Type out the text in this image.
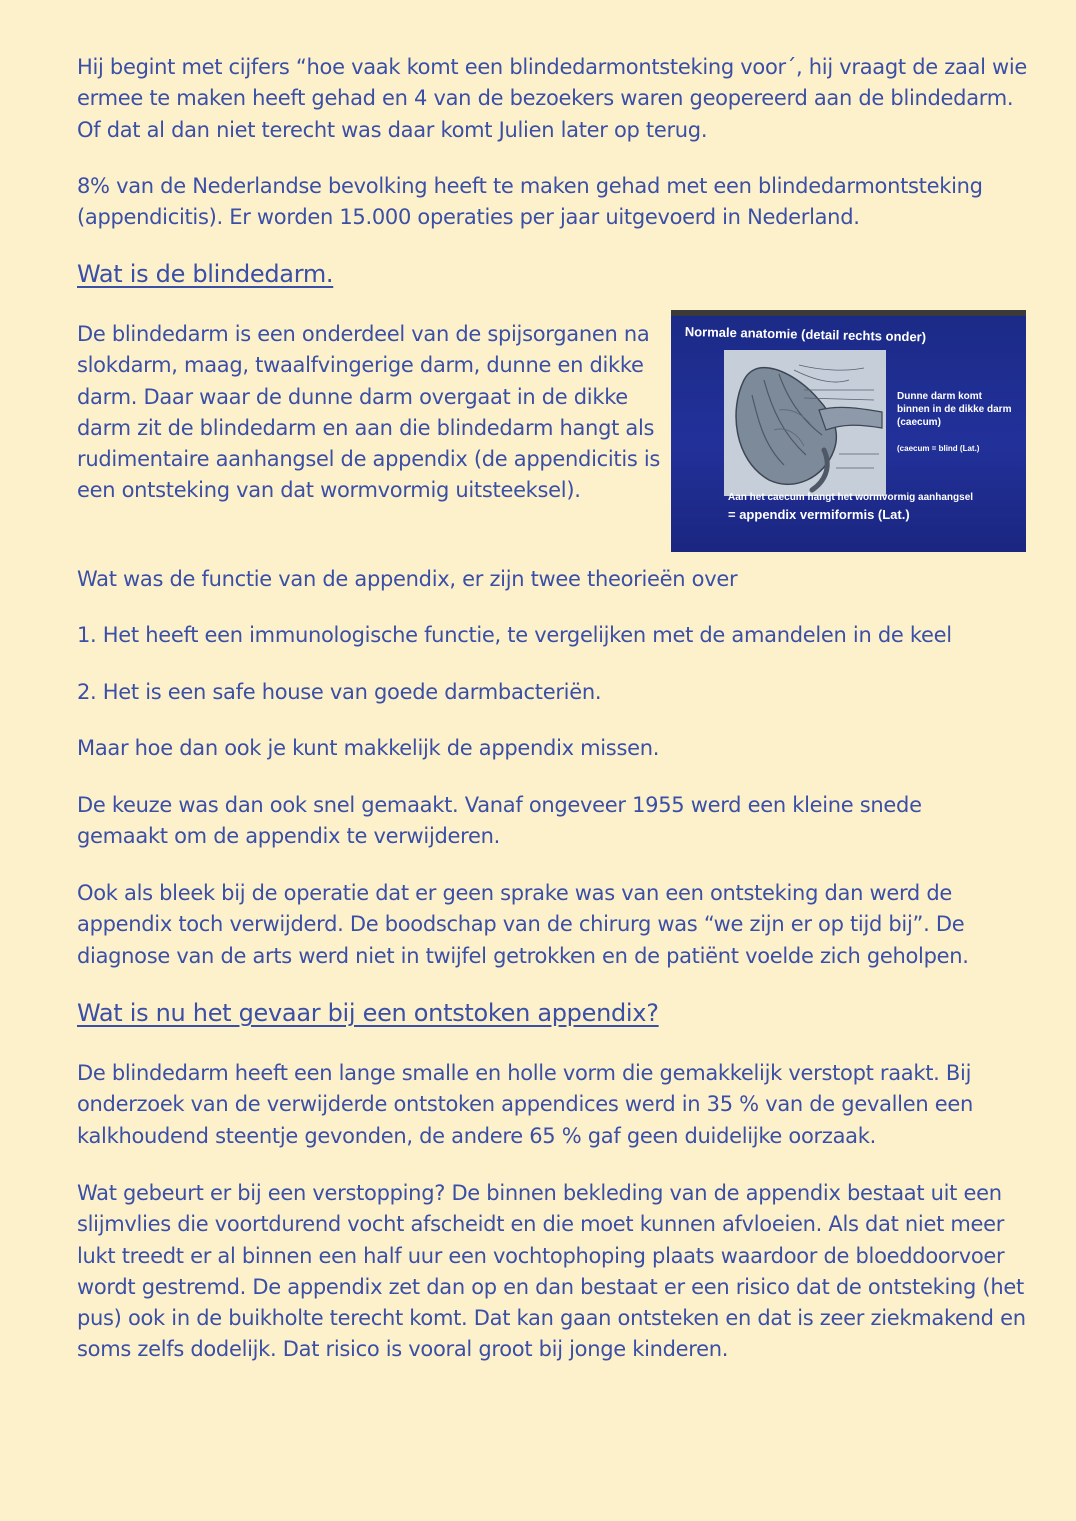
Hij begint met cijfers “hoe vaak komt een blindedarmontsteking voor´, hij vraagt de zaal wie ermee te maken heeft gehad en 4 van de bezoekers waren geopereerd aan de blindedarm. Of dat al dan niet terecht was daar komt Julien later op terug.

8% van de Nederlandse bevolking heeft te maken gehad met een blindedarmontsteking (appendicitis). Er worden 15.000 operaties per jaar uitgevoerd in Nederland.

Wat is de blindedarm.

De blindedarm is een onderdeel van de spijsorganen na slokdarm, maag, twaalfvingerige darm, dunne en dikke darm. Daar waar de dunne darm overgaat in de dikke darm zit de blindedarm en aan die blindedarm hangt als rudimentaire aanhangsel de appendix (de appendicitis is een ontsteking van dat wormvormig uitsteeksel).

Normale anatomie (detail rechts onder)
Dunne darm komt binnen in de dikke darm (caecum)
(caecum = blind (Lat.)
Aan het caecum hangt het wormvormig aanhangsel
= appendix vermiformis (Lat.)

Wat was de functie van de appendix, er zijn twee theorieën over

1. Het heeft een immunologische functie, te vergelijken met de amandelen in de keel

2. Het is een safe house van goede darmbacteriën.

Maar hoe dan ook je kunt makkelijk de appendix missen.

De keuze was dan ook snel gemaakt. Vanaf ongeveer 1955 werd een kleine snede gemaakt om de appendix te verwijderen.

Ook als bleek bij de operatie dat er geen sprake was van een ontsteking dan werd de appendix toch verwijderd. De boodschap van de chirurg was “we zijn er op tijd bij”. De diagnose van de arts werd niet in twijfel getrokken en de patiënt voelde zich geholpen.

Wat is nu het gevaar bij een ontstoken appendix?

De blindedarm heeft een lange smalle en holle vorm die gemakkelijk verstopt raakt. Bij onderzoek van de verwijderde ontstoken appendices werd in 35 % van de gevallen een kalkhoudend steentje gevonden, de andere 65 % gaf geen duidelijke oorzaak.

Wat gebeurt er bij een verstopping? De binnen bekleding van de appendix bestaat uit een slijmvlies die voortdurend vocht afscheidt en die moet kunnen afvloeien. Als dat niet meer lukt treedt er al binnen een half uur een vochtophoping plaats waardoor de bloeddoorvoer wordt gestremd. De appendix zet dan op en dan bestaat er een risico dat de ontsteking (het pus) ook in de buikholte terecht komt. Dat kan gaan ontsteken en dat is zeer ziekmakend en soms zelfs dodelijk. Dat risico is vooral groot bij jonge kinderen.
